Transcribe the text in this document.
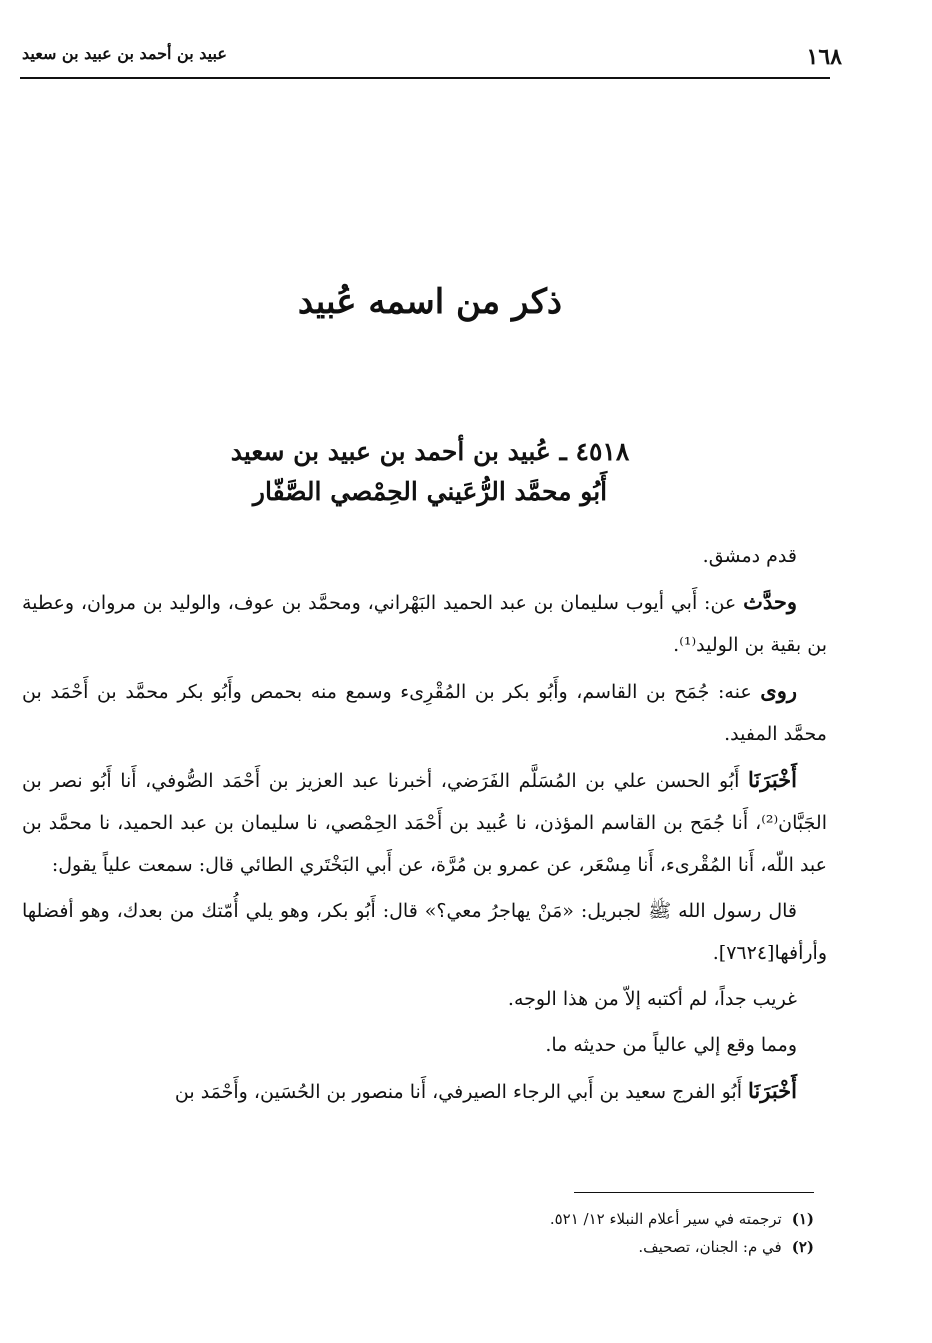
عبيد بن أحمد بن عبيد بن سعيد	١٦٨
ذكر من اسمه عُبيد
٤٥١٨ ـ عُبيد بن أحمد بن عبيد بن سعيد
أَبُو محمَّد الرُّعَيني الحِمْصي الصَّفّار

قدم دمشق.

وحدَّث عن: أَبي أيوب سليمان بن عبد الحميد البَهْراني، ومحمَّد بن عوف، والوليد بن مروان، وعطية بن بقية بن الوليد⁽¹⁾.

روى عنه: جُمَح بن القاسم، وأَبُو بكر بن المُقْرِىء وسمع منه بحمص وأَبُو بكر محمَّد بن أَحْمَد بن محمَّد المفيد.

أَخْبَرَنَا أَبُو الحسن علي بن المُسَلَّم الفَرَضي، أخبرنا عبد العزيز بن أَحْمَد الصُّوفي، أَنا أَبُو نصر بن الجَبَّان⁽²⁾، أَنا جُمَح بن القاسم المؤذن، نا عُبيد بن أَحْمَد الحِمْصي، نا سليمان بن عبد الحميد، نا محمَّد بن عبد اللّه، أَنا المُقْرىء، أَنا مِسْعَر، عن عمرو بن مُرَّة، عن أَبي البَخْتَري الطائي قال: سمعت علياً يقول:

قال رسول الله ﷺ لجبريل: «مَنْ يهاجرُ معي؟» قال: أَبُو بكر، وهو يلي أُمّتك من بعدك، وهو أفضلها وأرأفها[٧٦٢٤].

غريب جداً، لم أكتبه إلاّ من هذا الوجه.

ومما وقع إلي عالياً من حديثه ما.

أَخْبَرَنَا أَبُو الفرج سعيد بن أَبي الرجاء الصيرفي، أَنا منصور بن الحُسَين، وأَحْمَد بن

(١)ترجمته في سير أعلام النبلاء ١٢/ ٥٢١.
(٢)في م: الجنان، تصحيف.
